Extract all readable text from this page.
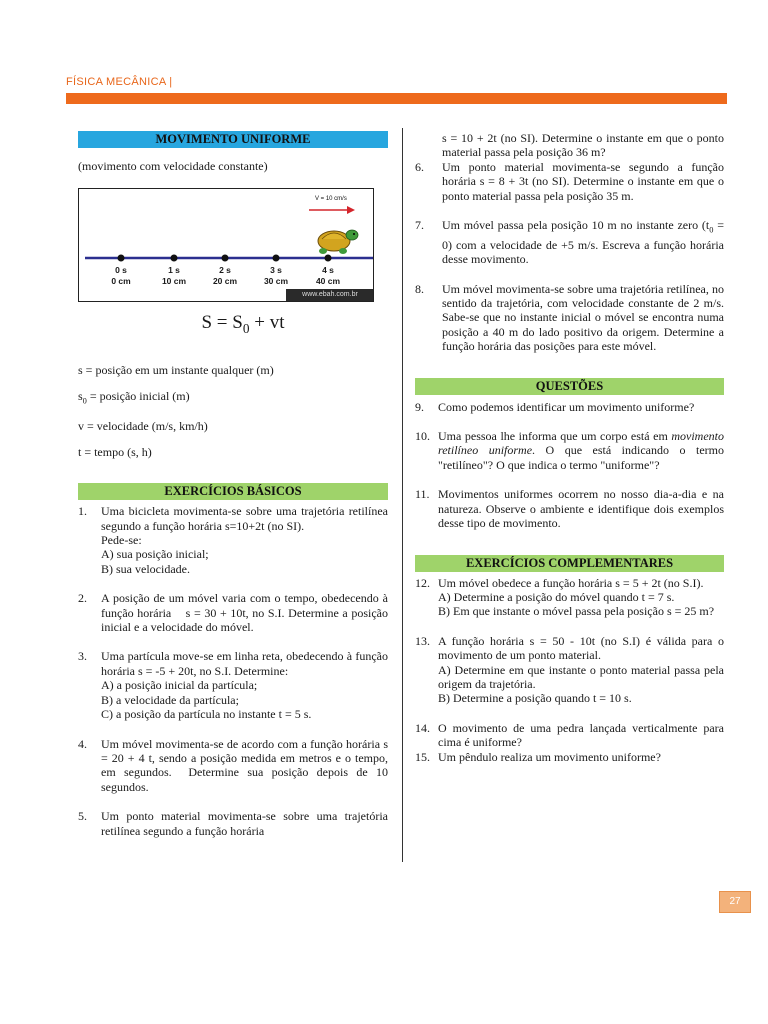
FÍSICA MECÂNICA |
MOVIMENTO UNIFORME
(movimento com velocidade constante)
V = 10 cm/s
0 s
0 cm
1 s
10 cm
2 s
20 cm
3 s
30 cm
4 s
40 cm
www.ebah.com.br
$S = S_0$ + vt
s = posição em um instante qualquer (m)
$s_0$ = posição inicial (m)
v = velocidade (m/s, km/h)
t = tempo (s, h)
EXERCÍCIOS BÁSICOS
1. Uma bicicleta movimenta-se sobre uma trajetória retilínea segundo a função horária s=10+2t (no SI).
Pede-se:
A) sua posição inicial;
B) sua velocidade.
2. A posição de um móvel varia com o tempo, obedecendo à função horária    s = 30 + 10t, no S.I. Determine a posição inicial e a velocidade do móvel.
3. Uma partícula move-se em linha reta, obedecendo à função horária s = -5 + 20t, no S.I. Determine:
A) a posição inicial da partícula;
B) a velocidade da partícula;
C) a posição da partícula no instante t = 5 s.
4. Um móvel movimenta-se de acordo com a função horária s = 20 + 4 t, sendo a posição medida em metros e o tempo, em segundos.  Determine sua posição depois de 10 segundos.
5. Um ponto material movimenta-se sobre uma trajetória retilínea segundo a função horária
s = 10 + 2t (no SI). Determine o instante em que o ponto material passa pela posição 36 m?
6. Um ponto material movimenta-se segundo a função horária s = 8 + 3t (no SI). Determine o instante em que o ponto material passa pela posição 35 m.
7. Um móvel passa pela posição 10 m no instante zero $(t_0 = 0)$ com a velocidade de +5 m/s. Escreva a função horária desse movimento.
8. Um móvel movimenta-se sobre uma trajetória retilínea, no sentido da trajetória, com velocidade constante de 2 m/s. Sabe-se que no instante inicial o móvel se encontra numa posição a 40 m do lado positivo da origem. Determine a função horária das posições para este móvel.
QUESTÕES
9. Como podemos identificar um movimento uniforme?
10. Uma pessoa lhe informa que um corpo está em movimento retilíneo uniforme. O que está indicando o termo "retilíneo"? O que indica o termo "uniforme"?
11. Movimentos uniformes ocorrem no nosso dia-a-dia e na natureza. Observe o ambiente e identifique dois exemplos desse tipo de movimento.
EXERCÍCIOS COMPLEMENTARES
12. Um móvel obedece a função horária s = 5 + 2t (no S.I).
A) Determine a posição do móvel quando t = 7 s.
B) Em que instante o móvel passa pela posição s = 25 m?
13. A função horária s = 50 - 10t (no S.I) é válida para o movimento de um ponto material.
A) Determine em que instante o ponto material passa pela origem da trajetória.
B) Determine a posição quando t = 10 s.
14. O movimento de uma pedra lançada verticalmente para cima é uniforme?
15. Um pêndulo realiza um movimento uniforme?
27
